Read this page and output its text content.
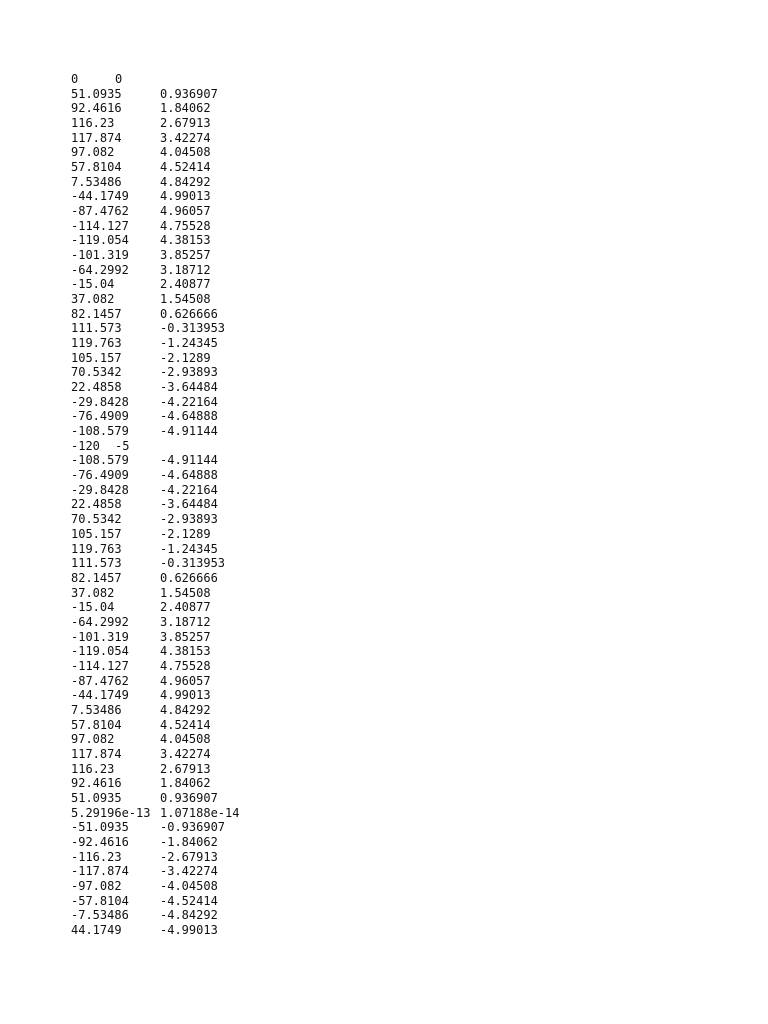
0	0
51.0935	0.936907
92.4616	1.84062
116.23	2.67913
117.874	3.42274
97.082	4.04508
57.8104	4.52414
7.53486	4.84292
-44.1749	4.99013
-87.4762	4.96057
-114.127	4.75528
-119.054	4.38153
-101.319	3.85257
-64.2992	3.18712
-15.04	2.40877
37.082	1.54508
82.1457	0.626666
111.573	-0.313953
119.763	-1.24345
105.157	-2.1289
70.5342	-2.93893
22.4858	-3.64484
-29.8428	-4.22164
-76.4909	-4.64888
-108.579	-4.91144
-120 -5
-108.579	-4.91144
-76.4909	-4.64888
-29.8428	-4.22164
22.4858	-3.64484
70.5342	-2.93893
105.157	-2.1289
119.763	-1.24345
111.573	-0.313953
82.1457	0.626666
37.082	1.54508
-15.04	2.40877
-64.2992	3.18712
-101.319	3.85257
-119.054	4.38153
-114.127	4.75528
-87.4762	4.96057
-44.1749	4.99013
7.53486	4.84292
57.8104	4.52414
97.082	4.04508
117.874	3.42274
116.23	2.67913
92.4616	1.84062
51.0935	0.936907
5.29196e-13 1.07188e-14
-51.0935	-0.936907
-92.4616	-1.84062
-116.23	-2.67913
-117.874	-3.42274
-97.082	-4.04508
-57.8104	-4.52414
-7.53486	-4.84292
44.1749	-4.99013
